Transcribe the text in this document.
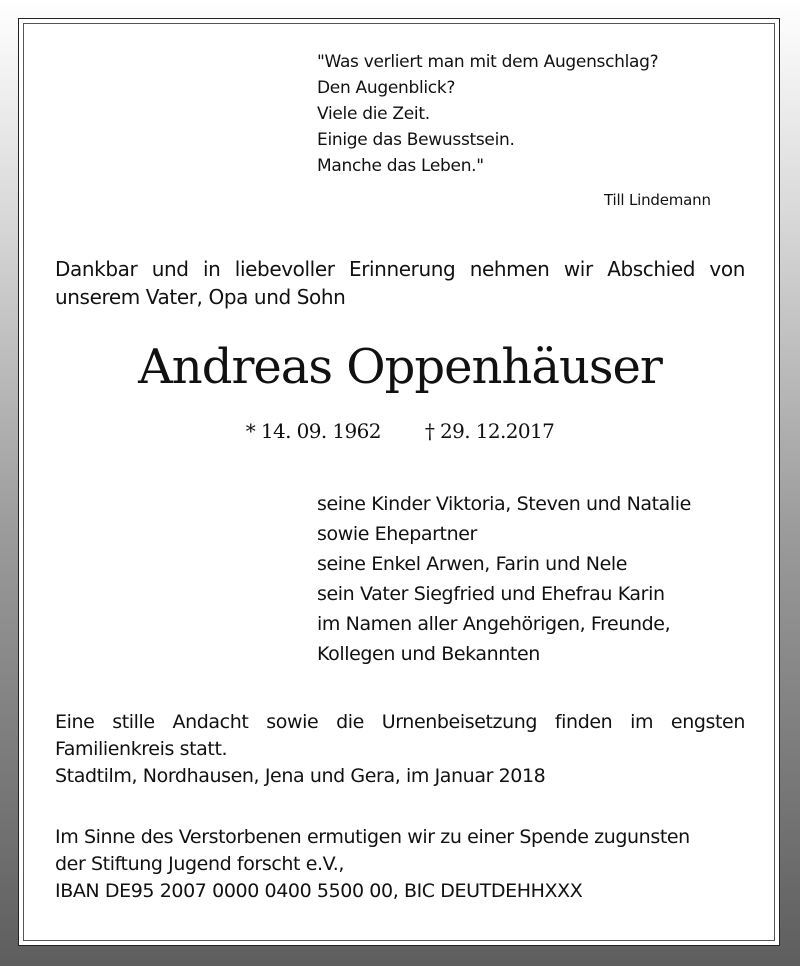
"Was verliert man mit dem Augenschlag?
Den Augenblick?
Viele die Zeit.
Einige das Bewusstsein.
Manche das Leben."
Till Lindemann
Dankbar und in liebevoller Erinnerung nehmen wir Abschied von
unserem Vater, Opa und Sohn
Andreas Oppenhäuser
* 14. 09. 1962 † 29. 12.2017
seine Kinder Viktoria, Steven und Natalie
sowie Ehepartner
seine Enkel Arwen, Farin und Nele
sein Vater Siegfried und Ehefrau Karin
im Namen aller Angehörigen, Freunde,
Kollegen und Bekannten
Eine stille Andacht sowie die Urnenbeisetzung finden im engsten
Familienkreis statt.
Stadtilm, Nordhausen, Jena und Gera, im Januar 2018
Im Sinne des Verstorbenen ermutigen wir zu einer Spende zugunsten
der Stiftung Jugend forscht e.V.,
IBAN DE95 2007 0000 0400 5500 00, BIC DEUTDEHHXXX
